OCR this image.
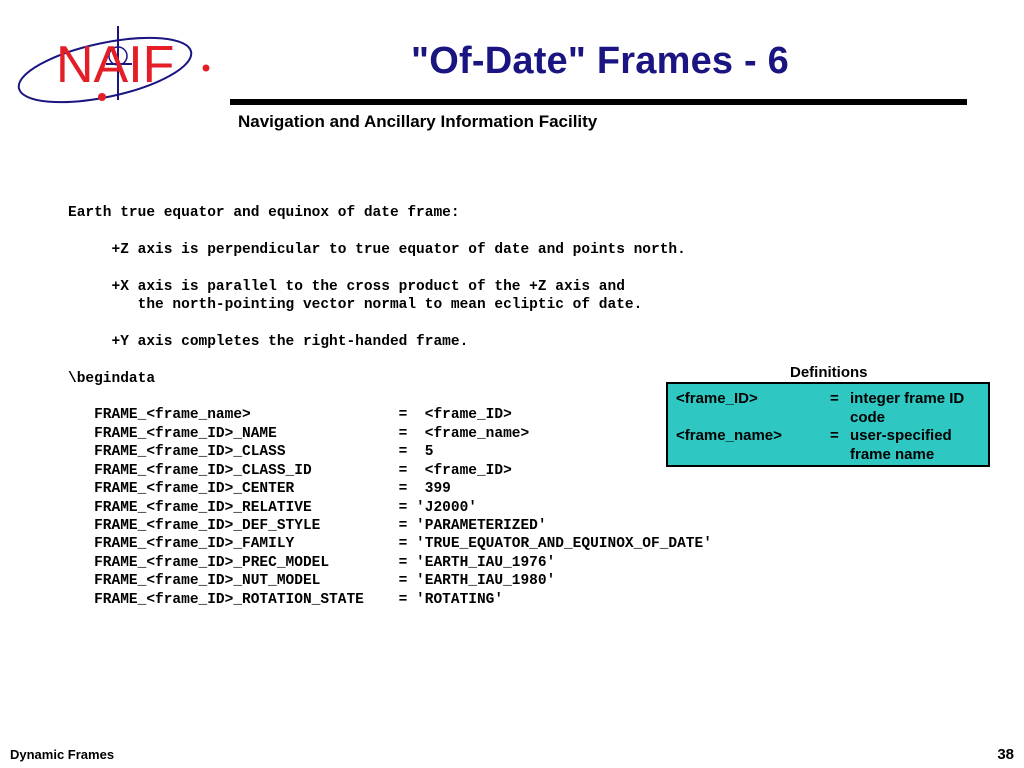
NAIF	"Of-Date" Frames - 6
Navigation and Ancillary Information Facility
Earth true equator and equinox of date frame:

+Z axis is perpendicular to true equator of date and points north.

+X axis is parallel to the cross product of the +Z axis and
the north-pointing vector normal to mean ecliptic of date.

+Y axis completes the right-handed frame.

\begindata

FRAME_<frame_name>                 =  <frame_ID>
FRAME_<frame_ID>_NAME              =  <frame_name>
FRAME_<frame_ID>_CLASS             =  5
FRAME_<frame_ID>_CLASS_ID          =  <frame_ID>
FRAME_<frame_ID>_CENTER            =  399
FRAME_<frame_ID>_RELATIVE          = 'J2000'
FRAME_<frame_ID>_DEF_STYLE         = 'PARAMETERIZED'
FRAME_<frame_ID>_FAMILY            = 'TRUE_EQUATOR_AND_EQUINOX_OF_DATE'
FRAME_<frame_ID>_PREC_MODEL        = 'EARTH_IAU_1976'
FRAME_<frame_ID>_NUT_MODEL         = 'EARTH_IAU_1980'
FRAME_<frame_ID>_ROTATION_STATE    = 'ROTATING'
Definitions
<frame_ID>	= integer frame ID code
<frame_name>	= user-specified frame name
Dynamic Frames	38
